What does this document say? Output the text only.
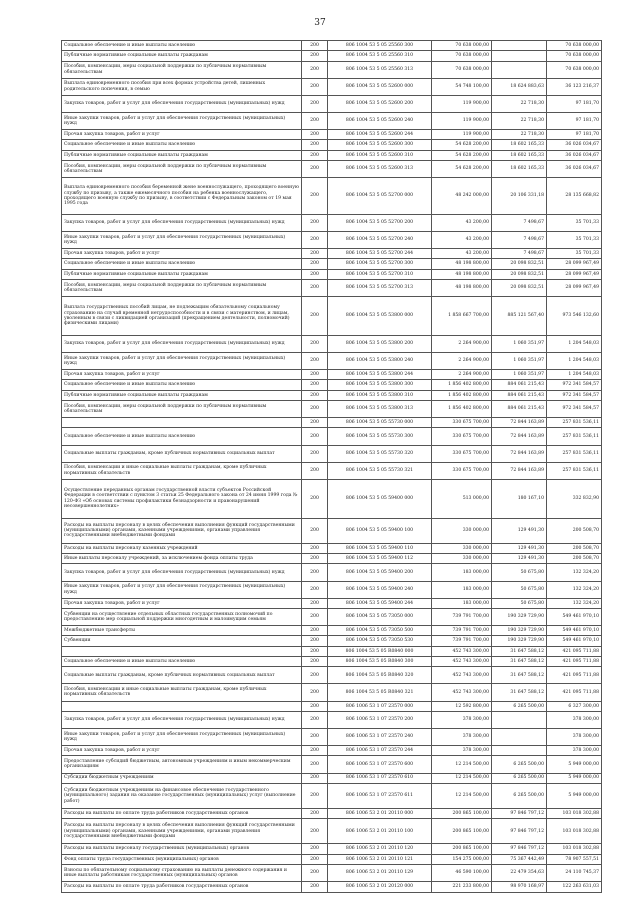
37
Социальное обеспечение и иные выплаты населению	200	806 1004 53 5 05 25560 300	70 638 000,00		70 638 000,00
Публичные нормативные социальные выплаты гражданам	200	806 1004 53 5 05 25560 310	70 638 000,00		70 638 000,00
Пособия, компенсации, меры социальной поддержки по публичным нормативным обязательствам	200	806 1004 53 5 05 25560 313	70 638 000,00		70 638 000,00
Выплата единовременного пособия при всех формах устройства детей, лишенных родительского попечения, в семью	200	806 1004 53 5 05 52600 000	54 748 100,00	18 624 883,63	36 123 216,37
Закупка товаров, работ и услуг для обеспечения государственных (муниципальных) нужд	200	806 1004 53 5 05 52600 200	119 900,00	22 718,30	97 181,70
Иные закупки товаров, работ и услуг для обеспечения государственных (муниципальных) нужд	200	806 1004 53 5 05 52600 240	119 900,00	22 718,30	97 181,70
Прочая закупка товаров, работ и услуг	200	806 1004 53 5 05 52600 244	119 900,00	22 718,30	97 181,70
Социальное обеспечение и иные выплаты населению	200	806 1004 53 5 05 52600 300	54 628 200,00	18 602 165,33	36 026 034,67
Публичные нормативные социальные выплаты гражданам	200	806 1004 53 5 05 52600 310	54 628 200,00	18 602 165,33	36 026 034,67
Пособия, компенсации, меры социальной поддержки по публичным нормативным обязательствам	200	806 1004 53 5 05 52600 313	54 628 200,00	18 602 165,33	36 026 034,67
Выплата единовременного пособия беременной жене военнослужащего, проходящего военную службу по призыву, а также ежемесячного пособия на ребенка военнослужащего, проходящего военную службу по призыву, в соответствии с Федеральным законом от 19 мая 1995 года	200	806 1004 53 5 05 52700 000	48 242 000,00	20 106 331,18	28 135 668,82
Закупка товаров, работ и услуг для обеспечения государственных (муниципальных) нужд	200	806 1004 53 5 05 52700 200	43 200,00	7 498,67	35 701,33
Иные закупки товаров, работ и услуг для обеспечения государственных (муниципальных) нужд	200	806 1004 53 5 05 52700 240	43 200,00	7 498,67	35 701,33
Прочая закупка товаров, работ и услуг	200	806 1004 53 5 05 52700 244	43 200,00	7 498,67	35 701,33
Социальное обеспечение и иные выплаты населению	200	806 1004 53 5 05 52700 300	48 198 800,00	20 098 832,51	28 099 967,49
Публичные нормативные социальные выплаты гражданам	200	806 1004 53 5 05 52700 310	48 198 800,00	20 098 832,51	28 099 967,49
Пособия, компенсации, меры социальной поддержки по публичным нормативным обязательствам	200	806 1004 53 5 05 52700 313	48 198 800,00	20 098 832,51	28 099 967,49
Выплата государственных пособий лицам, не подлежащим обязательному социальному страхованию на случай временной нетрудоспособности и в связи с материнством, и лицам, уволенным в связи с ликвидацией организаций (прекращением деятельности, полномочий) физическими лицами)	200	806 1004 53 5 05 53800 000	1 858 667 700,00	885 121 567,40	973 546 132,60
Закупка товаров, работ и услуг для обеспечения государственных (муниципальных) нужд	200	806 1004 53 5 05 53800 200	2 264 900,00	1 060 351,97	1 204 548,03
Иные закупки товаров, работ и услуг для обеспечения государственных (муниципальных) нужд	200	806 1004 53 5 05 53800 240	2 264 900,00	1 060 351,97	1 204 548,03
Прочая закупка товаров, работ и услуг	200	806 1004 53 5 05 53800 244	2 264 900,00	1 060 351,97	1 204 548,03
Социальное обеспечение и иные выплаты населению	200	806 1004 53 5 05 53800 300	1 856 402 800,00	884 061 215,43	972 341 584,57
Публичные нормативные социальные выплаты гражданам	200	806 1004 53 5 05 53800 310	1 856 402 800,00	884 061 215,43	972 341 584,57
Пособия, компенсации, меры социальной поддержки по публичным нормативным обязательствам	200	806 1004 53 5 05 53800 313	1 856 402 800,00	884 061 215,43	972 341 584,57
	200	806 1004 53 5 05 55730 000	330 675 700,00	72 844 163,89	257 831 536,11
Социальное обеспечение и иные выплаты населению	200	806 1004 53 5 05 55730 300	330 675 700,00	72 844 163,89	257 831 536,11
Социальные выплаты гражданам, кроме публичных нормативных социальных выплат	200	806 1004 53 5 05 55730 320	330 675 700,00	72 844 163,89	257 831 536,11
Пособия, компенсации и иные социальные выплаты гражданам, кроме публичных нормативных обязательств	200	806 1004 53 5 05 55730 321	330 675 700,00	72 844 163,89	257 831 536,11
Осуществление переданных органам государственной власти субъектов Российской Федерации в соответствии с пунктом 3 статьи 25 Федерального закона от 24 июня 1999 года № 120-ФЗ «Об основах системы профилактики безнадзорности и правонарушений несовершеннолетних»	200	806 1004 53 5 05 59400 000	513 000,00	180 167,10	332 832,90
Расходы на выплаты персоналу в целях обеспечения выполнения функций государственными (муниципальными) органами, казенными учреждениями, органами управления государственными внебюджетными фондами	200	806 1004 53 5 05 59400 100	330 000,00	129 491,30	200 508,70
Расходы на выплаты персоналу казенных учреждений	200	806 1004 53 5 05 59400 110	330 000,00	129 491,30	200 508,70
Иные выплаты персоналу учреждений, за исключением фонда оплаты труда	200	806 1004 53 5 05 59400 112	330 000,00	129 491,30	200 508,70
Закупка товаров, работ и услуг для обеспечения государственных (муниципальных) нужд	200	806 1004 53 5 05 59400 200	183 000,00	50 675,80	132 324,20
Иные закупки товаров, работ и услуг для обеспечения государственных (муниципальных) нужд	200	806 1004 53 5 05 59400 240	183 000,00	50 675,80	132 324,20
Прочая закупка товаров, работ и услуг	200	806 1004 53 5 05 59400 244	183 000,00	50 675,80	132 324,20
Субвенции на осуществление отдельных областных государственных полномочий по предоставлению мер социальной поддержки многодетным и малоимущим семьям	200	806 1004 53 5 05 73050 000	739 791 700,00	190 329 729,90	549 461 970,10
Межбюджетные трансферты	200	806 1004 53 5 05 73050 500	739 791 700,00	190 329 729,90	549 461 970,10
Субвенции	200	806 1004 53 5 05 73050 530	739 791 700,00	190 329 729,90	549 461 970,10
	200	806 1004 53 5 05 R0840 000	452 743 300,00	31 647 588,12	421 095 711,88
Социальное обеспечение и иные выплаты населению	200	806 1004 53 5 05 R0840 300	452 743 300,00	31 647 588,12	421 095 711,88
Социальные выплаты гражданам, кроме публичных нормативных социальных выплат	200	806 1004 53 5 05 R0840 320	452 743 300,00	31 647 588,12	421 095 711,88
Пособия, компенсации и иные социальные выплаты гражданам, кроме публичных нормативных обязательств	200	806 1004 53 5 05 R0840 321	452 743 300,00	31 647 588,12	421 095 711,88
	200	806 1006 53 1 07 23570 000	12 592 800,00	6 265 500,00	6 327 300,00
Закупка товаров, работ и услуг для обеспечения государственных (муниципальных) нужд	200	806 1006 53 1 07 23570 200	378 300,00		378 300,00
Иные закупки товаров, работ и услуг для обеспечения государственных (муниципальных) нужд	200	806 1006 53 1 07 23570 240	378 300,00		378 300,00
Прочая закупка товаров, работ и услуг	200	806 1006 53 1 07 23570 244	378 300,00		378 300,00
Предоставление субсидий бюджетным, автономным учреждениям и иным некоммерческим организациям	200	806 1006 53 1 07 23570 600	12 214 500,00	6 265 500,00	5 949 000,00
Субсидии бюджетным учреждениям	200	806 1006 53 1 07 23570 610	12 214 500,00	6 265 500,00	5 949 000,00
Субсидии бюджетным учреждениям на финансовое обеспечение государственного (муниципального) задания на оказание государственных (муниципальных) услуг (выполнение работ)	200	806 1006 53 1 07 23570 611	12 214 500,00	6 265 500,00	5 949 000,00
Расходы на выплаты по оплате труда работников государственных органов	200	806 1006 53 2 01 20110 000	200 865 100,00	97 846 797,12	103 018 302,88
Расходы на выплаты персоналу в целях обеспечения выполнения функций государственными (муниципальными) органами, казенными учреждениями, органами управления государственными внебюджетными фондами	200	806 1006 53 2 01 20110 100	200 865 100,00	97 846 797,12	103 018 302,88
Расходы на выплаты персоналу государственных (муниципальных) органов	200	806 1006 53 2 01 20110 120	200 865 100,00	97 846 797,12	103 018 302,88
Фонд оплаты труда государственных (муниципальных) органов	200	806 1006 53 2 01 20110 121	154 275 000,00	75 367 442,49	78 907 557,51
Взносы по обязательному социальному страхованию на выплаты денежного содержания и иные выплаты работникам государственных (муниципальных) органов	200	806 1006 53 2 01 20110 129	46 590 100,00	22 479 354,63	24 110 745,37
Расходы на выплаты по оплате труда работников государственных органов	200	806 1006 53 2 01 20120 000	221 233 800,00	98 970 168,97	122 263 631,03
